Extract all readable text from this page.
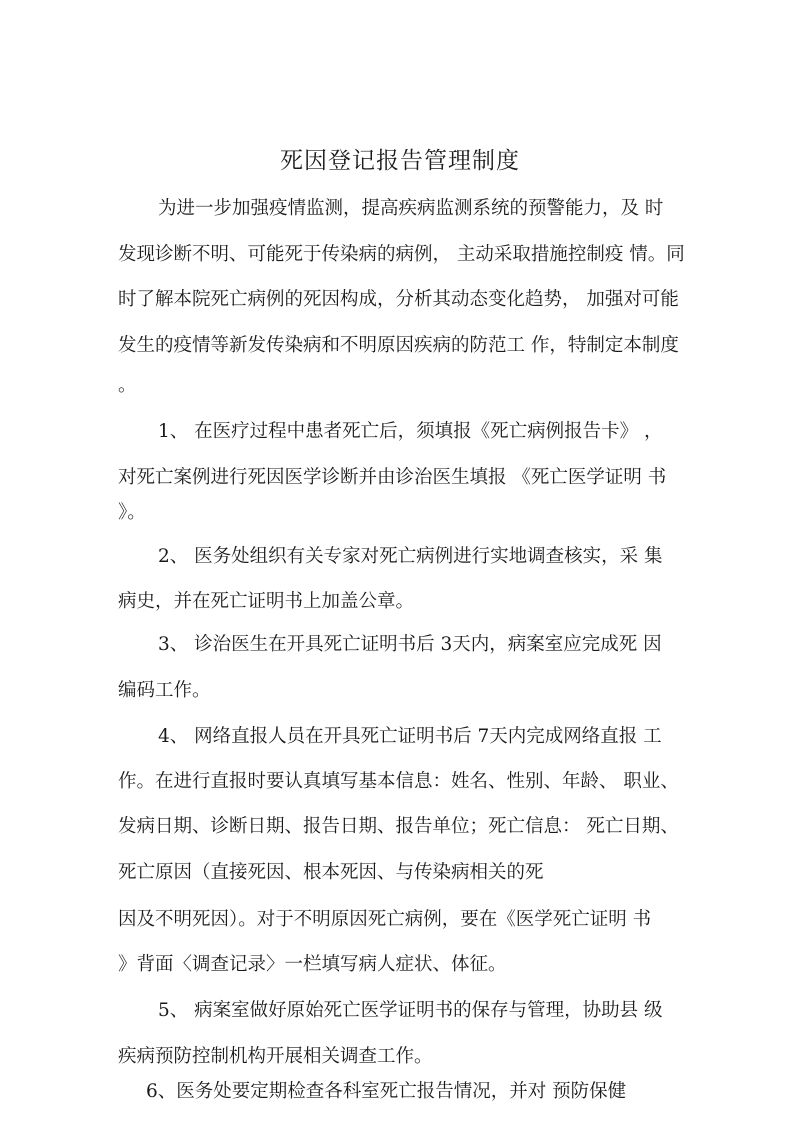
死因登记报告管理制度
为进一步加强疫情监测，提高疾病监测系统的预警能力，及 时
发现诊断不明、可能死于传染病的病例， 主动采取措施控制疫 情。同
时了解本院死亡病例的死因构成，分析其动态变化趋势， 加强对可能
发生的疫情等新发传染病和不明原因疾病的防范工 作，特制定本制度
。
1、 在医疗过程中患者死亡后，须填报《死亡病例报告卡》 ，
对死亡案例进行死因医学诊断并由诊治医生填报 《死亡医学证明 书
》。
2、 医务处组织有关专家对死亡病例进行实地调查核实，采 集
病史，并在死亡证明书上加盖公章。
3、 诊治医生在开具死亡证明书后 3天内，病案室应完成死 因
编码工作。
4、 网络直报人员在开具死亡证明书后 7天内完成网络直报 工
作。在进行直报时要认真填写基本信息：姓名、性别、年龄、 职业、
发病日期、诊断日期、报告日期、报告单位；死亡信息： 死亡日期、
死亡原因（直接死因、根本死因、与传染病相关的死
因及不明死因）。对于不明原因死亡病例，要在《医学死亡证明 书
》背面〈调查记录〉一栏填写病人症状、体征。
5、 病案室做好原始死亡医学证明书的保存与管理，协助县 级
疾病预防控制机构开展相关调查工作。
6、医务处要定期检查各科室死亡报告情况，并对 预防保健
